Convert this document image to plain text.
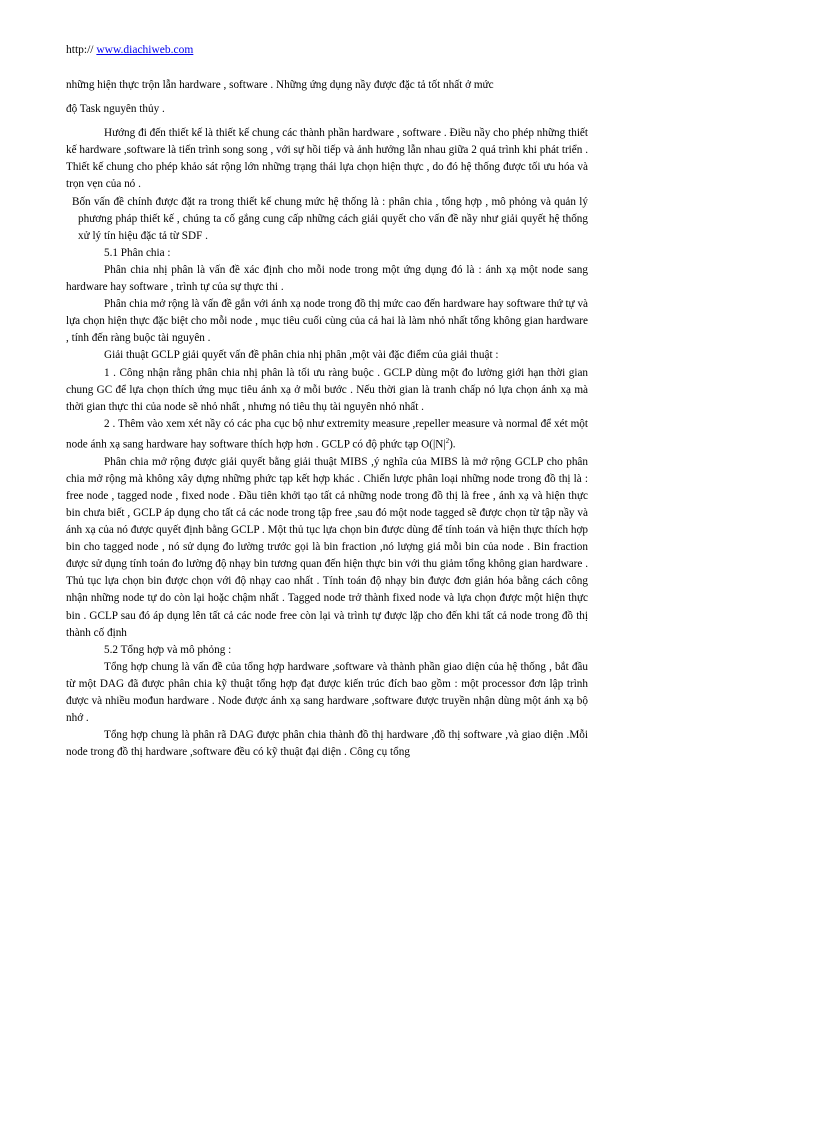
http:// www.diachiweb.com

những hiện thực trộn lẫn hardware , software . Những ứng dụng nầy được đặc tả tốt nhất ở mức

độ Task nguyên thủy .

Hướng đi đến thiết kế là thiết kế chung các thành phần hardware , software . Điều nầy cho phép những thiết kế hardware ,software là tiến trình song song , với sự hồi tiếp và ảnh hưởng lẫn nhau giữa 2 quá trình khi phát triển . Thiết kế chung cho phép khảo sát rộng lớn những trạng thái lựa chọn hiện thực , do đó hệ thống được tối ưu hóa và trọn vẹn của nó .

Bốn vấn đề chính được đặt ra trong thiết kế chung mức hệ thống là : phân chia , tổng hợp , mô phỏng và quản lý phương pháp thiết kế , chúng ta cố gắng cung cấp những cách giải quyết cho vấn đề nầy như giải quyết hệ thống xử lý tín hiệu đặc tả từ SDF .

5.1 Phân chia :

Phân chia nhị phân là vấn đề xác định cho mỗi node trong một ứng dụng đó là : ánh xạ một node sang hardware hay software , trình tự của sự thực thi .

Phân chia mở rộng là vấn đề gắn với ánh xạ node trong đồ thị mức cao đến hardware hay software thứ tự và lựa chọn hiện thực đặc biệt cho mỗi node , mục tiêu cuối cùng của cả hai là làm nhỏ nhất tổng không gian hardware , tính đến ràng buộc tài nguyên .

Giải thuật GCLP giải quyết vấn đề phân chia nhị phân ,một vài đặc điểm của giải thuật :

1 . Công nhận rằng phân chia nhị phân là tối ưu ràng buộc . GCLP dùng một đo lường giới hạn thời gian chung GC để lựa chọn thích ứng mục tiêu ánh xạ ở mỗi bước . Nếu thời gian là tranh chấp nó lựa chọn ánh xạ mà thời gian thực thi của node sẽ nhỏ nhất , nhưng nó tiêu thụ tài nguyên nhỏ nhất .

2 . Thêm vào xem xét nầy có các pha cục bộ như extremity measure ,repeller measure và normal để xét một node ánh xạ sang hardware hay software thích hợp hơn . GCLP có độ phức tạp $O(|N|^2)$.

Phân chia mở rộng được giải quyết bằng giải thuật MIBS ,ý nghĩa của MIBS là mở rộng GCLP cho phân chia mở rộng mà không xây dựng những phức tạp kết hợp khác . Chiến lược phân loại những node trong đồ thị là : free node , tagged node , fixed node . Đầu tiên khởi tạo tất cả những node trong đồ thị là free , ánh xạ và hiện thực bin chưa biết , GCLP áp dụng cho tất cả các node trong tập free ,sau đó một node tagged sẽ được chọn từ tập nầy và ánh xạ của nó được quyết định bằng GCLP . Một thủ tục lựa chọn bin được dùng để tính toán và hiện thực thích hợp bin cho tagged node , nó sử dụng đo lường trước gọi là bin fraction ,nó lượng giá mỗi bin của node . Bin fraction được sử dụng tính toán đo lường độ nhạy bin tương quan đến hiện thực bin với thu giảm tổng không gian hardware . Thủ tục lựa chọn bin được chọn với độ nhạy cao nhất . Tính toán độ nhạy bin được đơn giản hóa bằng cách công nhận những node tự do còn lại hoặc chậm nhất . Tagged node trở thành fixed node và lựa chọn được một hiện thực bin . GCLP sau đó áp dụng lên tất cả các node free còn lại và trình tự được lặp cho đến khi tất cả node trong đồ thị thành cố định

5.2 Tổng hợp và mô phỏng :

Tổng hợp chung là vấn đề của tổng hợp hardware ,software và thành phần giao diện của hệ thống , bắt đầu từ một DAG đã được phân chia kỹ thuật tổng hợp đạt được kiến trúc đích bao gồm : một processor đơn lập trình được và nhiều mođun hardware . Node được ánh xạ sang hardware ,software được truyền nhận dùng một ánh xạ bộ nhớ .

Tổng hợp chung là phân rã DAG được phân chia thành đồ thị hardware ,đồ thị software ,và giao diện .Mỗi node trong đồ thị hardware ,software đều có kỹ thuật đại diện . Công cụ tổng
